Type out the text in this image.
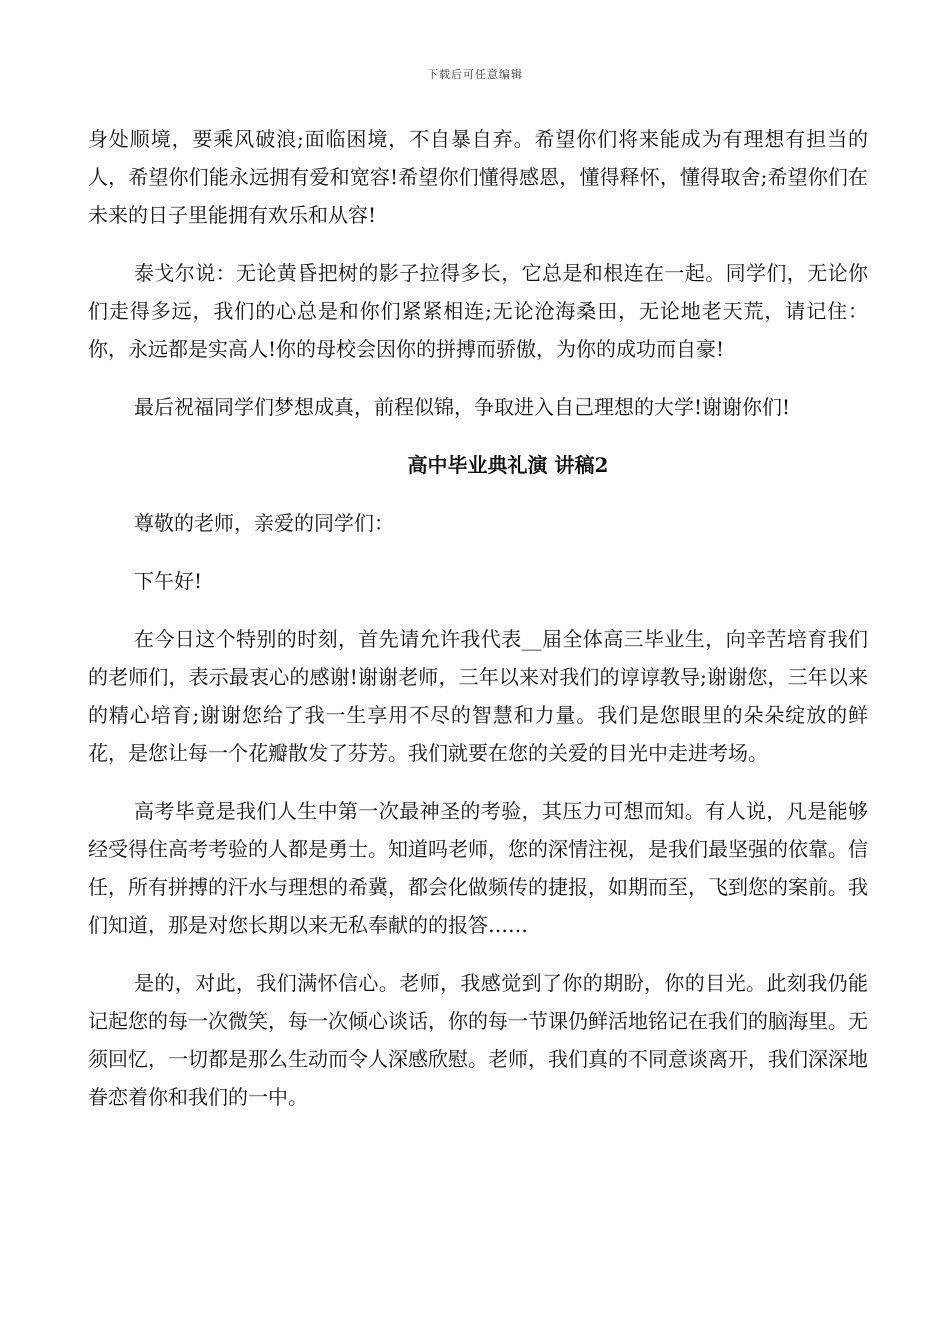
下载后可任意编辑

身处顺境，要乘风破浪;面临困境，不自暴自弃。希望你们将来能成为有理想有担当的人，希望你们能永远拥有爱和宽容!希望你们懂得感恩，懂得释怀，懂得取舍;希望你们在未来的日子里能拥有欢乐和从容!

泰戈尔说：无论黄昏把树的影子拉得多长，它总是和根连在一起。同学们，无论你们走得多远，我们的心总是和你们紧紧相连;无论沧海桑田，无论地老天荒，请记住：你，永远都是实高人!你的母校会因你的拼搏而骄傲，为你的成功而自豪!

最后祝福同学们梦想成真，前程似锦，争取进入自己理想的大学!谢谢你们!

高中毕业典礼演 讲稿2

尊敬的老师，亲爱的同学们：

下午好!

在今日这个特别的时刻，首先请允许我代表__届全体高三毕业生，向辛苦培育我们的老师们，表示最衷心的感谢!谢谢老师，三年以来对我们的谆谆教导;谢谢您，三年以来的精心培育;谢谢您给了我一生享用不尽的智慧和力量。我们是您眼里的朵朵绽放的鲜花，是您让每一个花瓣散发了芬芳。我们就要在您的关爱的目光中走进考场。

高考毕竟是我们人生中第一次最神圣的考验，其压力可想而知。有人说，凡是能够经受得住高考考验的人都是勇士。知道吗老师，您的深情注视，是我们最坚强的依靠。信任，所有拼搏的汗水与理想的希冀，都会化做频传的捷报，如期而至，飞到您的案前。我们知道，那是对您长期以来无私奉献的的报答……

是的，对此，我们满怀信心。老师，我感觉到了你的期盼，你的目光。此刻我仍能记起您的每一次微笑，每一次倾心谈话，你的每一节课仍鲜活地铭记在我们的脑海里。无须回忆，一切都是那么生动而令人深感欣慰。老师，我们真的不同意谈离开，我们深深地眷恋着你和我们的一中。
